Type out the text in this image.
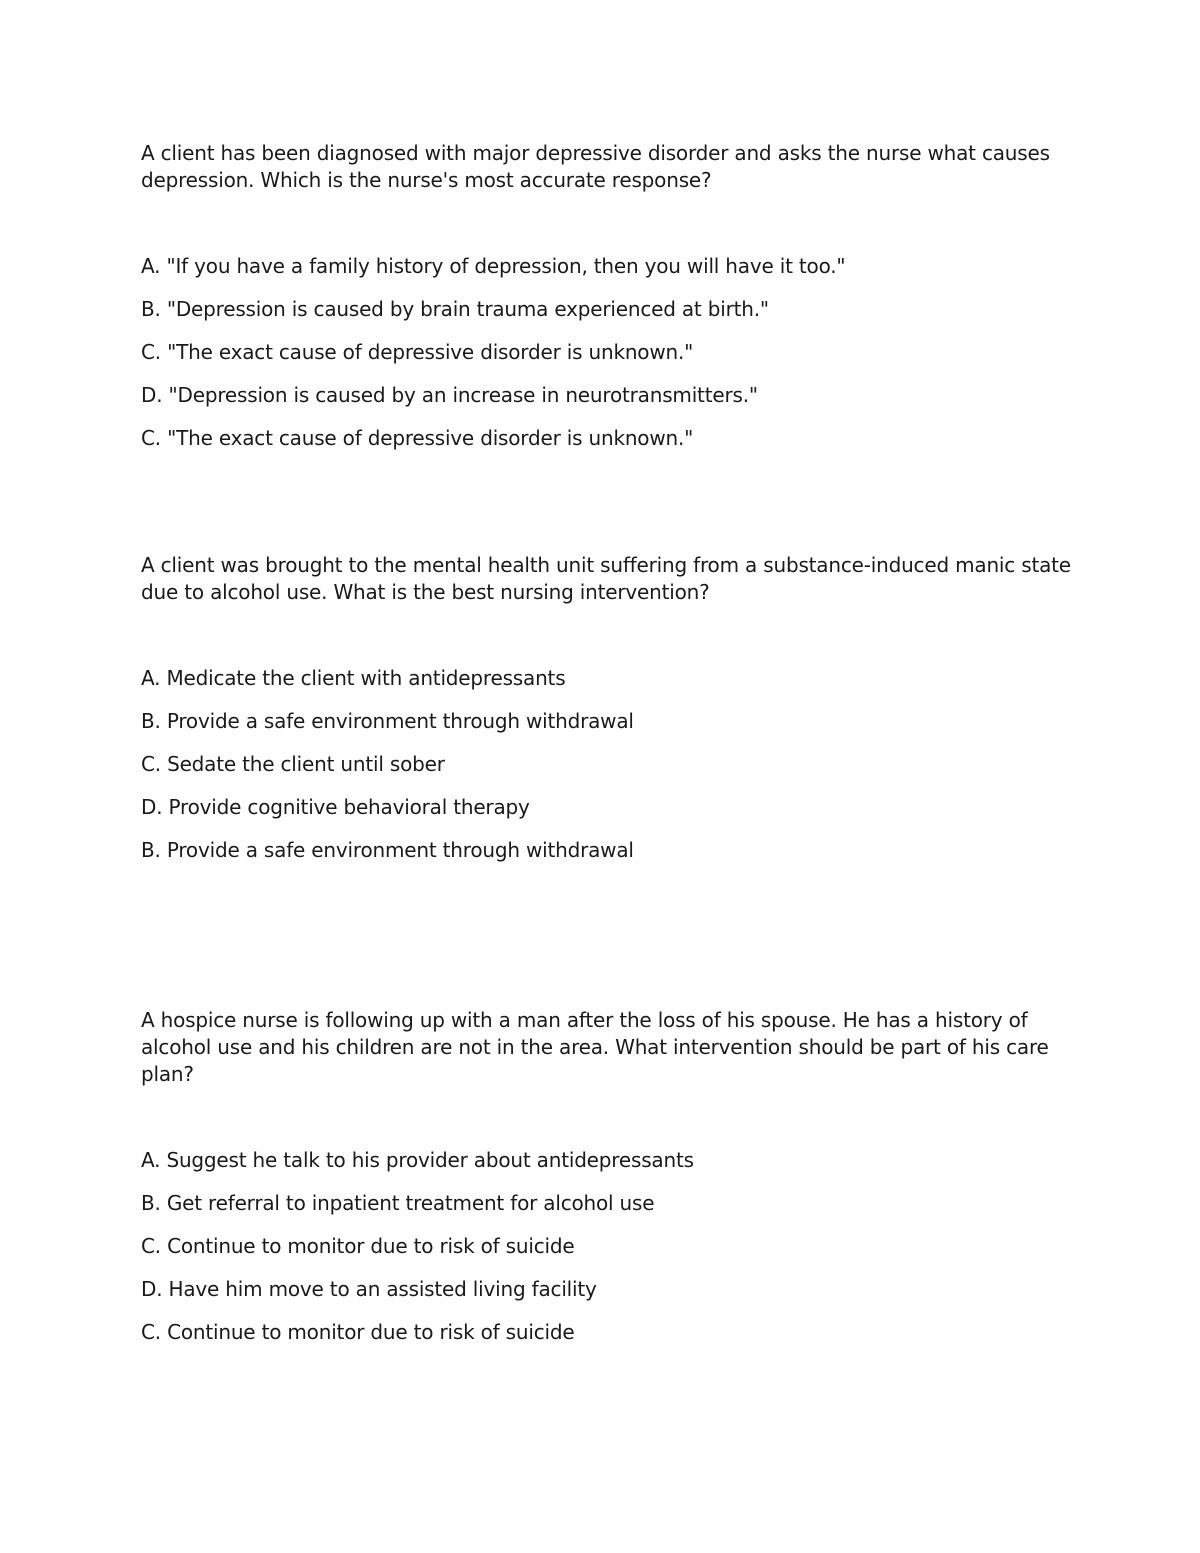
A client has been diagnosed with major depressive disorder and asks the nurse what causes depression. Which is the nurse's most accurate response?

A. "If you have a family history of depression, then you will have it too."
B. "Depression is caused by brain trauma experienced at birth."
C. "The exact cause of depressive disorder is unknown."
D. "Depression is caused by an increase in neurotransmitters."
C. "The exact cause of depressive disorder is unknown."

A client was brought to the mental health unit suffering from a substance-induced manic state due to alcohol use. What is the best nursing intervention?

A. Medicate the client with antidepressants
B. Provide a safe environment through withdrawal
C. Sedate the client until sober
D. Provide cognitive behavioral therapy
B. Provide a safe environment through withdrawal

A hospice nurse is following up with a man after the loss of his spouse. He has a history of alcohol use and his children are not in the area. What intervention should be part of his care plan?

A. Suggest he talk to his provider about antidepressants
B. Get referral to inpatient treatment for alcohol use
C. Continue to monitor due to risk of suicide
D. Have him move to an assisted living facility
C. Continue to monitor due to risk of suicide
